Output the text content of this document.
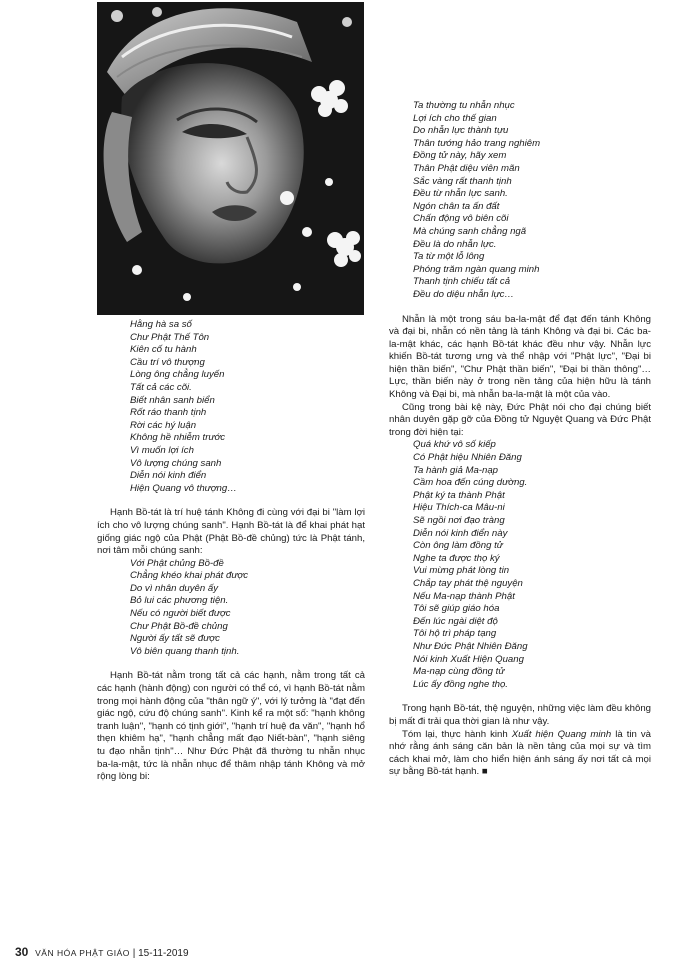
Hằng hà sa số
Chư Phật Thế Tôn
Kiên cố tu hành
Cầu trí vô thượng
Lòng ông chẳng luyến
Tất cả các cõi.
Biết nhân sanh biển
Rốt ráo thanh tịnh
Rời các hý luận
Không hề nhiễm trước
Vì muốn lợi ích
Vô lượng chúng sanh
Diễn nói kinh điển
Hiện Quang vô thượng…

Hạnh Bồ-tát là trí huệ tánh Không đi cùng với đại bi "làm lợi ích cho vô lượng chúng sanh". Hạnh Bồ-tát là để khai phát hạt giống giác ngộ của Phật (Phật Bồ-đề chủng) tức là Phật tánh, nơi tâm mỗi chúng sanh:

Với Phật chủng Bồ-đề
Chẳng khéo khai phát được
Do vì nhân duyên ấy
Bỏ lui các phương tiện.
Nếu có người biết được
Chư Phật Bồ-đề chủng
Người ấy tất sẽ được
Vô biên quang thanh tịnh.

Hạnh Bồ-tát nằm trong tất cả các hạnh, nằm trong tất cả các hạnh (hành động) con người có thể có, vì hạnh Bồ-tát nằm trong mọi hành động của "thân ngữ ý", với lý tưởng là "đạt đến giác ngộ, cứu độ chúng sanh". Kinh kể ra một số: "hạnh không tranh luận", "hạnh có tịnh giới", "hạnh trí huệ đa văn", "hạnh hổ thẹn khiêm hạ", "hạnh chẳng mất đạo Niết-bàn", "hạnh siêng tu đạo nhẫn tịnh"… Như Đức Phật đã thường tu nhẫn nhục ba-la-mật, tức là nhẫn nhục để thâm nhập tánh Không và mở rộng lòng bi:

Ta thường tu nhẫn nhục
Lợi ích cho thế gian
Do nhẫn lực thành tựu
Thân tướng hảo trang nghiêm
Đồng tử này, hãy xem
Thân Phật diệu viên mãn
Sắc vàng rất thanh tịnh
Đều từ nhẫn lực sanh.
Ngón chân ta ấn đất
Chấn động vô biên cõi
Mà chúng sanh chẳng ngã
Đều là do nhẫn lực.
Ta từ một lỗ lông
Phóng trăm ngàn quang minh
Thanh tịnh chiếu tất cả
Đều do diệu nhẫn lực…

Nhẫn là một trong sáu ba-la-mật để đạt đến tánh Không và đại bi, nhẫn có nền tảng là tánh Không và đại bi. Các ba-la-mật khác, các hạnh Bồ-tát khác đều như vậy. Nhẫn lực khiến Bồ-tát tương ưng và thể nhập với "Phật lực", "Đại bi hiện thần biến", "Chư Phật thần biến", "Đại bi thần thông"… Lực, thần biến này ở trong nền tảng của hiện hữu là tánh Không và Đại bi, mà nhẫn ba-la-mật là một của vào.

Cũng trong bài kệ này, Đức Phật nói cho đại chúng biết nhân duyên gặp gỡ của Đồng tử Nguyệt Quang và Đức Phật trong đời hiện tại:

Quá khứ vô số kiếp
Có Phật hiệu Nhiên Đăng
Ta hành giả Ma-nạp
Cầm hoa đến cúng dường.
Phật ký ta thành Phật
Hiệu Thích-ca Mâu-ni
Sẽ ngồi nơi đạo tràng
Diễn nói kinh điển này
Còn ông làm đồng tử
Nghe ta được thọ ký
Vui mừng phát lòng tin
Chắp tay phát thệ nguyện
Nếu Ma-nạp thành Phật
Tôi sẽ giúp giáo hóa
Đến lúc ngài diệt độ
Tôi hộ trì pháp tạng
Như Đức Phật Nhiên Đăng
Nói kinh Xuất Hiện Quang
Ma-nạp cùng đồng tử
Lúc ấy đồng nghe thọ.

Trong hạnh Bồ-tát, thệ nguyện, những việc làm đều không bị mất đi trải qua thời gian là như vậy.

Tóm lại, thực hành kinh Xuất hiện Quang minh là tin và nhớ rằng ánh sáng căn bản là nền tảng của mọi sự và tìm cách khai mở, làm cho hiển hiện ánh sáng ấy nơi tất cả mọi sự bằng Bồ-tát hạnh. ■

30 VĂN HÓA PHẬT GIÁO | 15-11-2019
